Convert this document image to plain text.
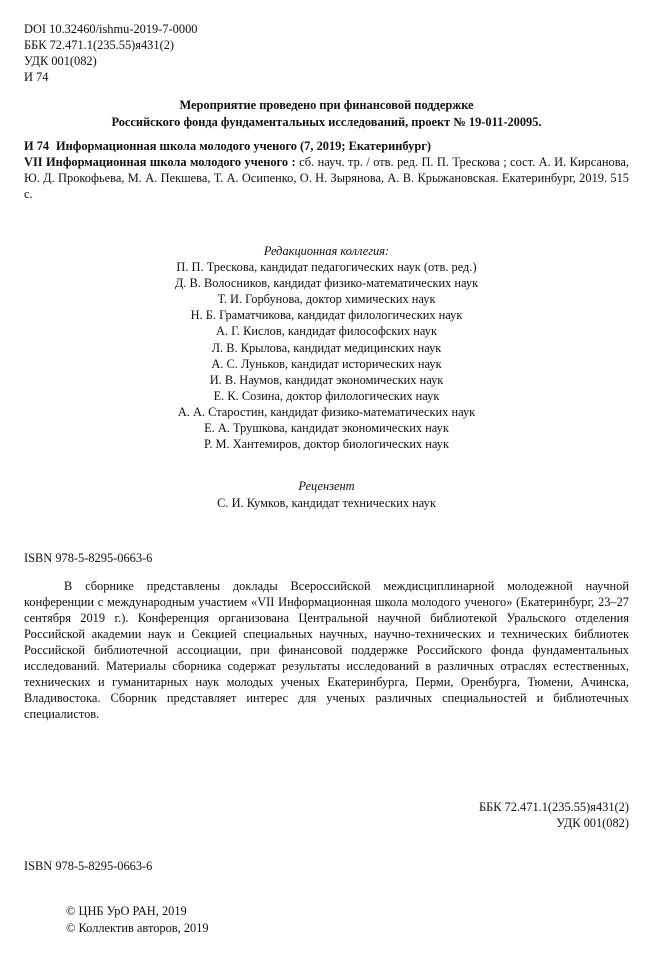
DOI 10.32460/ishmu-2019-7-0000
ББК 72.471.1(235.55)я431(2)
УДК 001(082)
И 74
Мероприятие проведено при финансовой поддержке
Российского фонда фундаментальных исследований, проект № 19-011-20095.
И 74 Информационная школа молодого ученого (7, 2019; Екатеринбург)
VII Информационная школа молодого ученого : сб. науч. тр. / отв. ред. П. П. Трескова ; сост. А. И. Кирсанова, Ю. Д. Прокофьева, М. А. Пекшева, Т. А. Осипенко, О. Н. Зырянова, А. В. Крыжановская. Екатеринбург, 2019. 515 с.
Редакционная коллегия:
П. П. Трескова, кандидат педагогических наук (отв. ред.)
Д. В. Волосников, кандидат физико-математических наук
Т. И. Горбунова, доктор химических наук
Н. Б. Граматчикова, кандидат филологических наук
А. Г. Кислов, кандидат философских наук
Л. В. Крылова, кандидат медицинских наук
А. С. Луньков, кандидат исторических наук
И. В. Наумов, кандидат экономических наук
Е. К. Созина, доктор филологических наук
А. А. Старостин, кандидат физико-математических наук
Е. А. Трушкова, кандидат экономических наук
Р. М. Хантемиров, доктор биологических наук
Рецензент
С. И. Кумков, кандидат технических наук
ISBN 978-5-8295-0663-6
В сборнике представлены доклады Всероссийской междисциплинарной молодежной научной конференции с международным участием «VII Информационная школа молодого ученого» (Екатеринбург, 23–27 сентября 2019 г.). Конференция организована Центральной научной библиотекой Уральского отделения Российской академии наук и Секцией специальных научных, научно-технических и технических библиотек Российской библиотечной ассоциации, при финансовой поддержке Российского фонда фундаментальных исследований. Материалы сборника содержат результаты исследований в различных отраслях естественных, технических и гуманитарных наук молодых ученых Екатеринбурга, Перми, Оренбурга, Тюмени, Ачинска, Владивостока. Сборник представляет интерес для ученых различных специальностей и библиотечных специалистов.
ББК 72.471.1(235.55)я431(2)
УДК 001(082)
ISBN 978-5-8295-0663-6
© ЦНБ УрО РАН, 2019
© Коллектив авторов, 2019
